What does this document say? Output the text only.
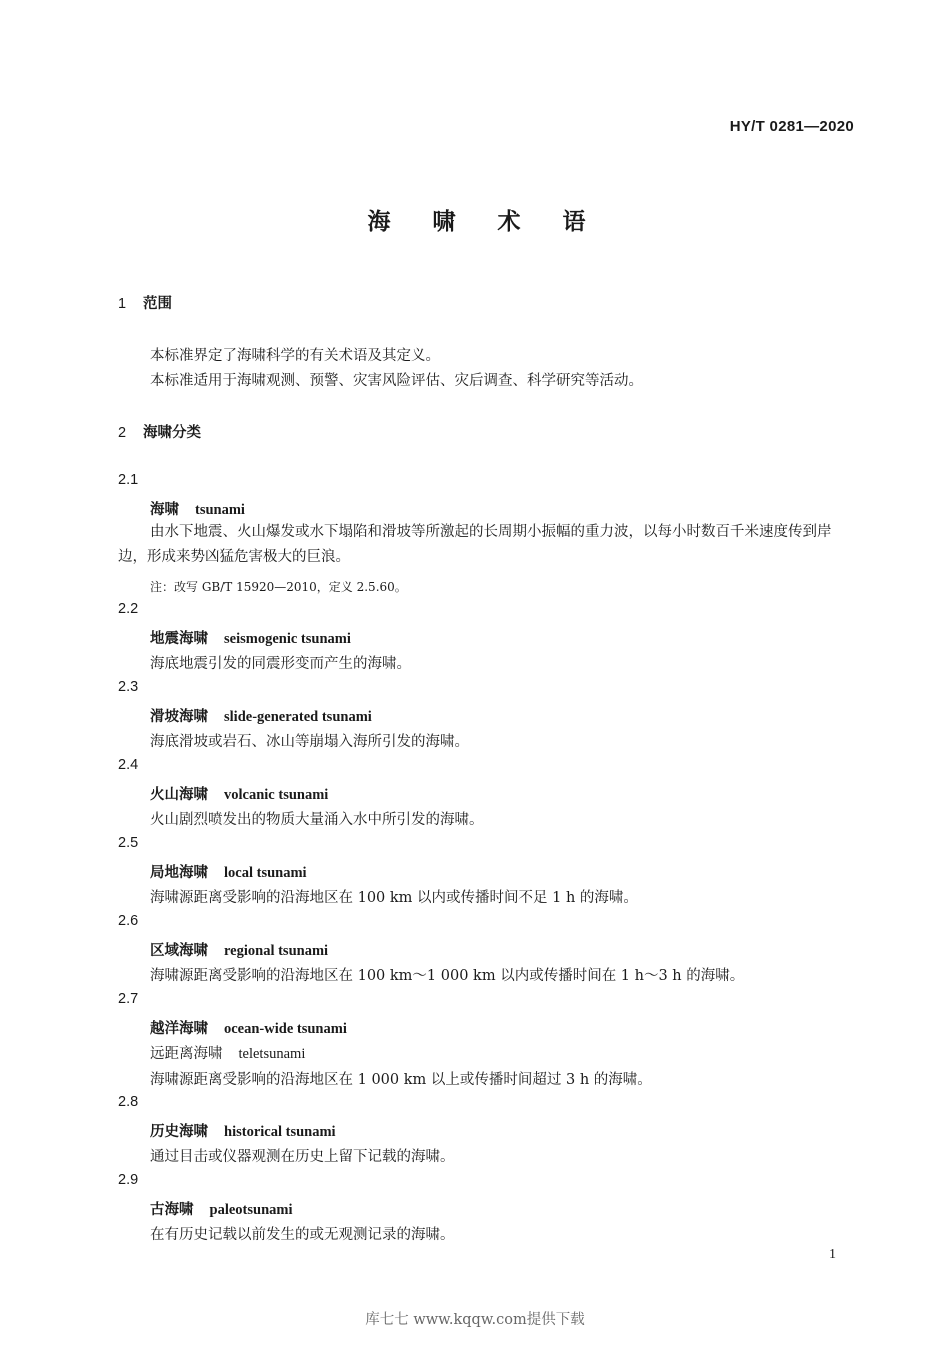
HY/T 0281—2020
海 啸 术 语
1 范围
本标准界定了海啸科学的有关术语及其定义。
本标准适用于海啸观测、预警、灾害风险评估、灾后调查、科学研究等活动。
2 海啸分类
2.1
海啸 tsunami
由水下地震、火山爆发或水下塌陷和滑坡等所激起的长周期小振幅的重力波，以每小时数百千米速度传到岸边，形成来势凶猛危害极大的巨浪。
注：改写 GB/T 15920—2010，定义 2.5.60。
2.2
地震海啸 seismogenic tsunami
海底地震引发的同震形变而产生的海啸。
2.3
滑坡海啸 slide-generated tsunami
海底滑坡或岩石、冰山等崩塌入海所引发的海啸。
2.4
火山海啸 volcanic tsunami
火山剧烈喷发出的物质大量涌入水中所引发的海啸。
2.5
局地海啸 local tsunami
海啸源距离受影响的沿海地区在 100 km 以内或传播时间不足 1 h 的海啸。
2.6
区域海啸 regional tsunami
海啸源距离受影响的沿海地区在 100 km～1 000 km 以内或传播时间在 1 h～3 h 的海啸。
2.7
越洋海啸 ocean-wide tsunami
远距离海啸 teletsunami
海啸源距离受影响的沿海地区在 1 000 km 以上或传播时间超过 3 h 的海啸。
2.8
历史海啸 historical tsunami
通过目击或仪器观测在历史上留下记载的海啸。
2.9
古海啸 paleotsunami
在有历史记载以前发生的或无观测记录的海啸。
1
库七七 www.kqqw.com提供下载
